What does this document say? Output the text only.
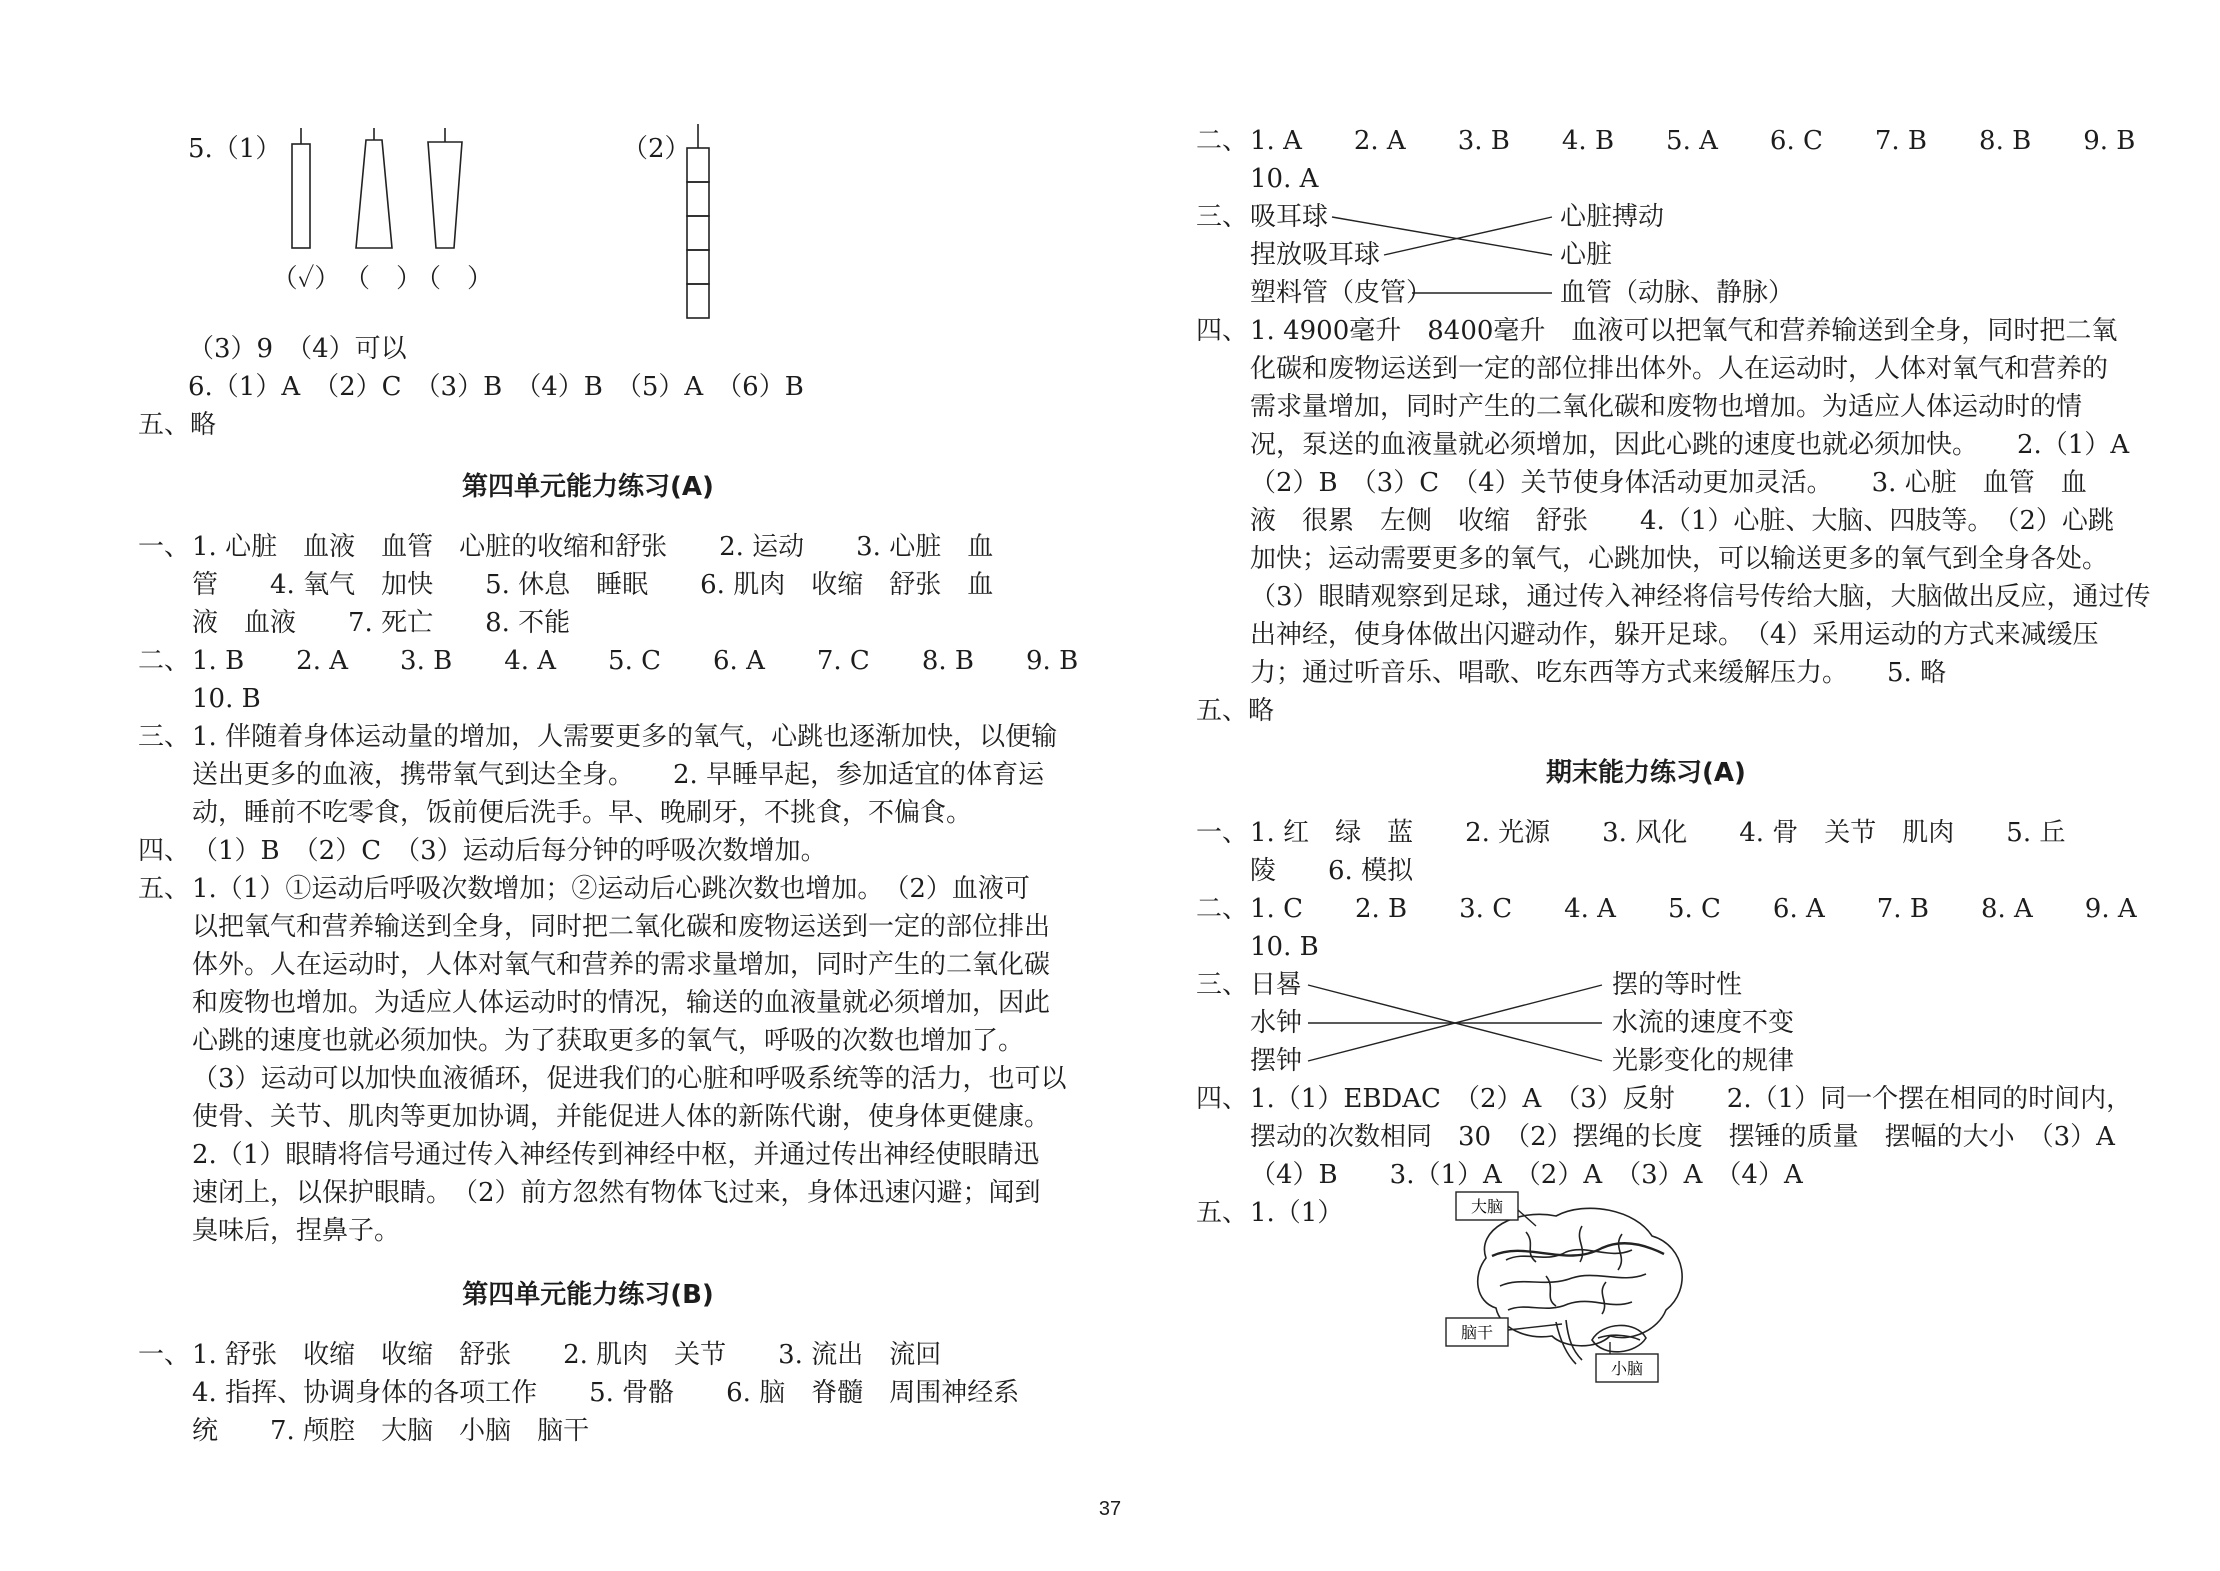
5.（1）
（✓） （　）
（　）
（2）

（3）9　（4）可以

6.（1）A　（2）C　（3）B　（4）B　（5）A　（6）B

五、略

第四单元能力练习(A)
一、 1. 心脏　血液　血管　心脏的收缩和舒张　　2. 运动　　3. 心脏　血

管　　4. 氧气　加快　　5. 休息　睡眠　　6. 肌肉　收缩　舒张　血

液　血液　　7. 死亡　　8. 不能

二、 1. B　　2. A　　3. B　　4. A　　5. C　　6. A　　7. C　　8. B　　9. B

10. B

三、 1. 伴随着身体运动量的增加，人需要更多的氧气，心跳也逐渐加快，以便输

送出更多的血液，携带氧气到达全身。　　2. 早睡早起，参加适宜的体育运

动，睡前不吃零食，饭前便后洗手。早、晚刷牙，不挑食，不偏食。

四、 （1）B　（2）C　（3）运动后每分钟的呼吸次数增加。

五、 1.（1）①运动后呼吸次数增加；②运动后心跳次数也增加。　（2）血液可

以把氧气和营养输送到全身，同时把二氧化碳和废物运送到一定的部位排出

体外。人在运动时，人体对氧气和营养的需求量增加，同时产生的二氧化碳

和废物也增加。为适应人体运动时的情况，输送的血液量就必须增加，因此

心跳的速度也就必须加快。为了获取更多的氧气，呼吸的次数也增加了。

（3）运动可以加快血液循环，促进我们的心脏和呼吸系统等的活力，也可以

使骨、关节、肌肉等更加协调，并能促进人体的新陈代谢，使身体更健康。

2.（1）眼睛将信号通过传入神经传到神经中枢，并通过传出神经使眼睛迅

速闭上，以保护眼睛。　（2）前方忽然有物体飞过来，身体迅速闪避；闻到

臭味后，捏鼻子。

第四单元能力练习(B)
一、 1. 舒张　收缩　收缩　舒张　　2. 肌肉　关节　　3. 流出　流回

4. 指挥、协调身体的各项工作　　5. 骨骼　　6. 脑　脊髓　周围神经系

统　　7. 颅腔　大脑　小脑　脑干

二、 1. A　　2. A　　3. B　　4. B　　5. A　　6. C　　7. B　　8. B　　9. B

10. A

三、 吸耳球
捏放吸耳球
塑料管（皮管）
心脏搏动
心脏
血管（动脉、静脉）
四、 1. 4900毫升　8400毫升　血液可以把氧气和营养输送到全身，同时把二氧

化碳和废物运送到一定的部位排出体外。人在运动时，人体对氧气和营养的

需求量增加，同时产生的二氧化碳和废物也增加。为适应人体运动时的情

况，泵送的血液量就必须增加，因此心跳的速度也就必须加快。　　2.（1）A

（2）B　（3）C　（4）关节使身体活动更加灵活。　　3. 心脏　血管　血

液　很累　左侧　收缩　舒张　　4.（1）心脏、大脑、四肢等。　（2）心跳

加快；运动需要更多的氧气，心跳加快，可以输送更多的氧气到全身各处。

（3）眼睛观察到足球，通过传入神经将信号传给大脑，大脑做出反应，通过传

出神经，使身体做出闪避动作，躲开足球。　（4）采用运动的方式来减缓压

力；通过听音乐、唱歌、吃东西等方式来缓解压力。　　5. 略

五、略

期末能力练习(A)
一、 1. 红　绿　蓝　　2. 光源　　3. 风化　　4. 骨　关节　肌肉　　5. 丘

陵　　6. 模拟

二、 1. C　　2. B　　3. C　　4. A　　5. C　　6. A　　7. B　　8. A　　9. A

10. B

三、 日晷
水钟
摆钟
摆的等时性
水流的速度不变
光影变化的规律
四、 1.（1）EBDAC　（2）A　（3）反射　　2.（1）同一个摆在相同的时间内，

摆动的次数相同　30　（2）摆绳的长度　摆锤的质量　摆幅的大小　（3）A

（4）B　　3.（1）A　（2）A　（3）A　（4）A

五、 1.（1）	大脑
脑干
小脑
37
